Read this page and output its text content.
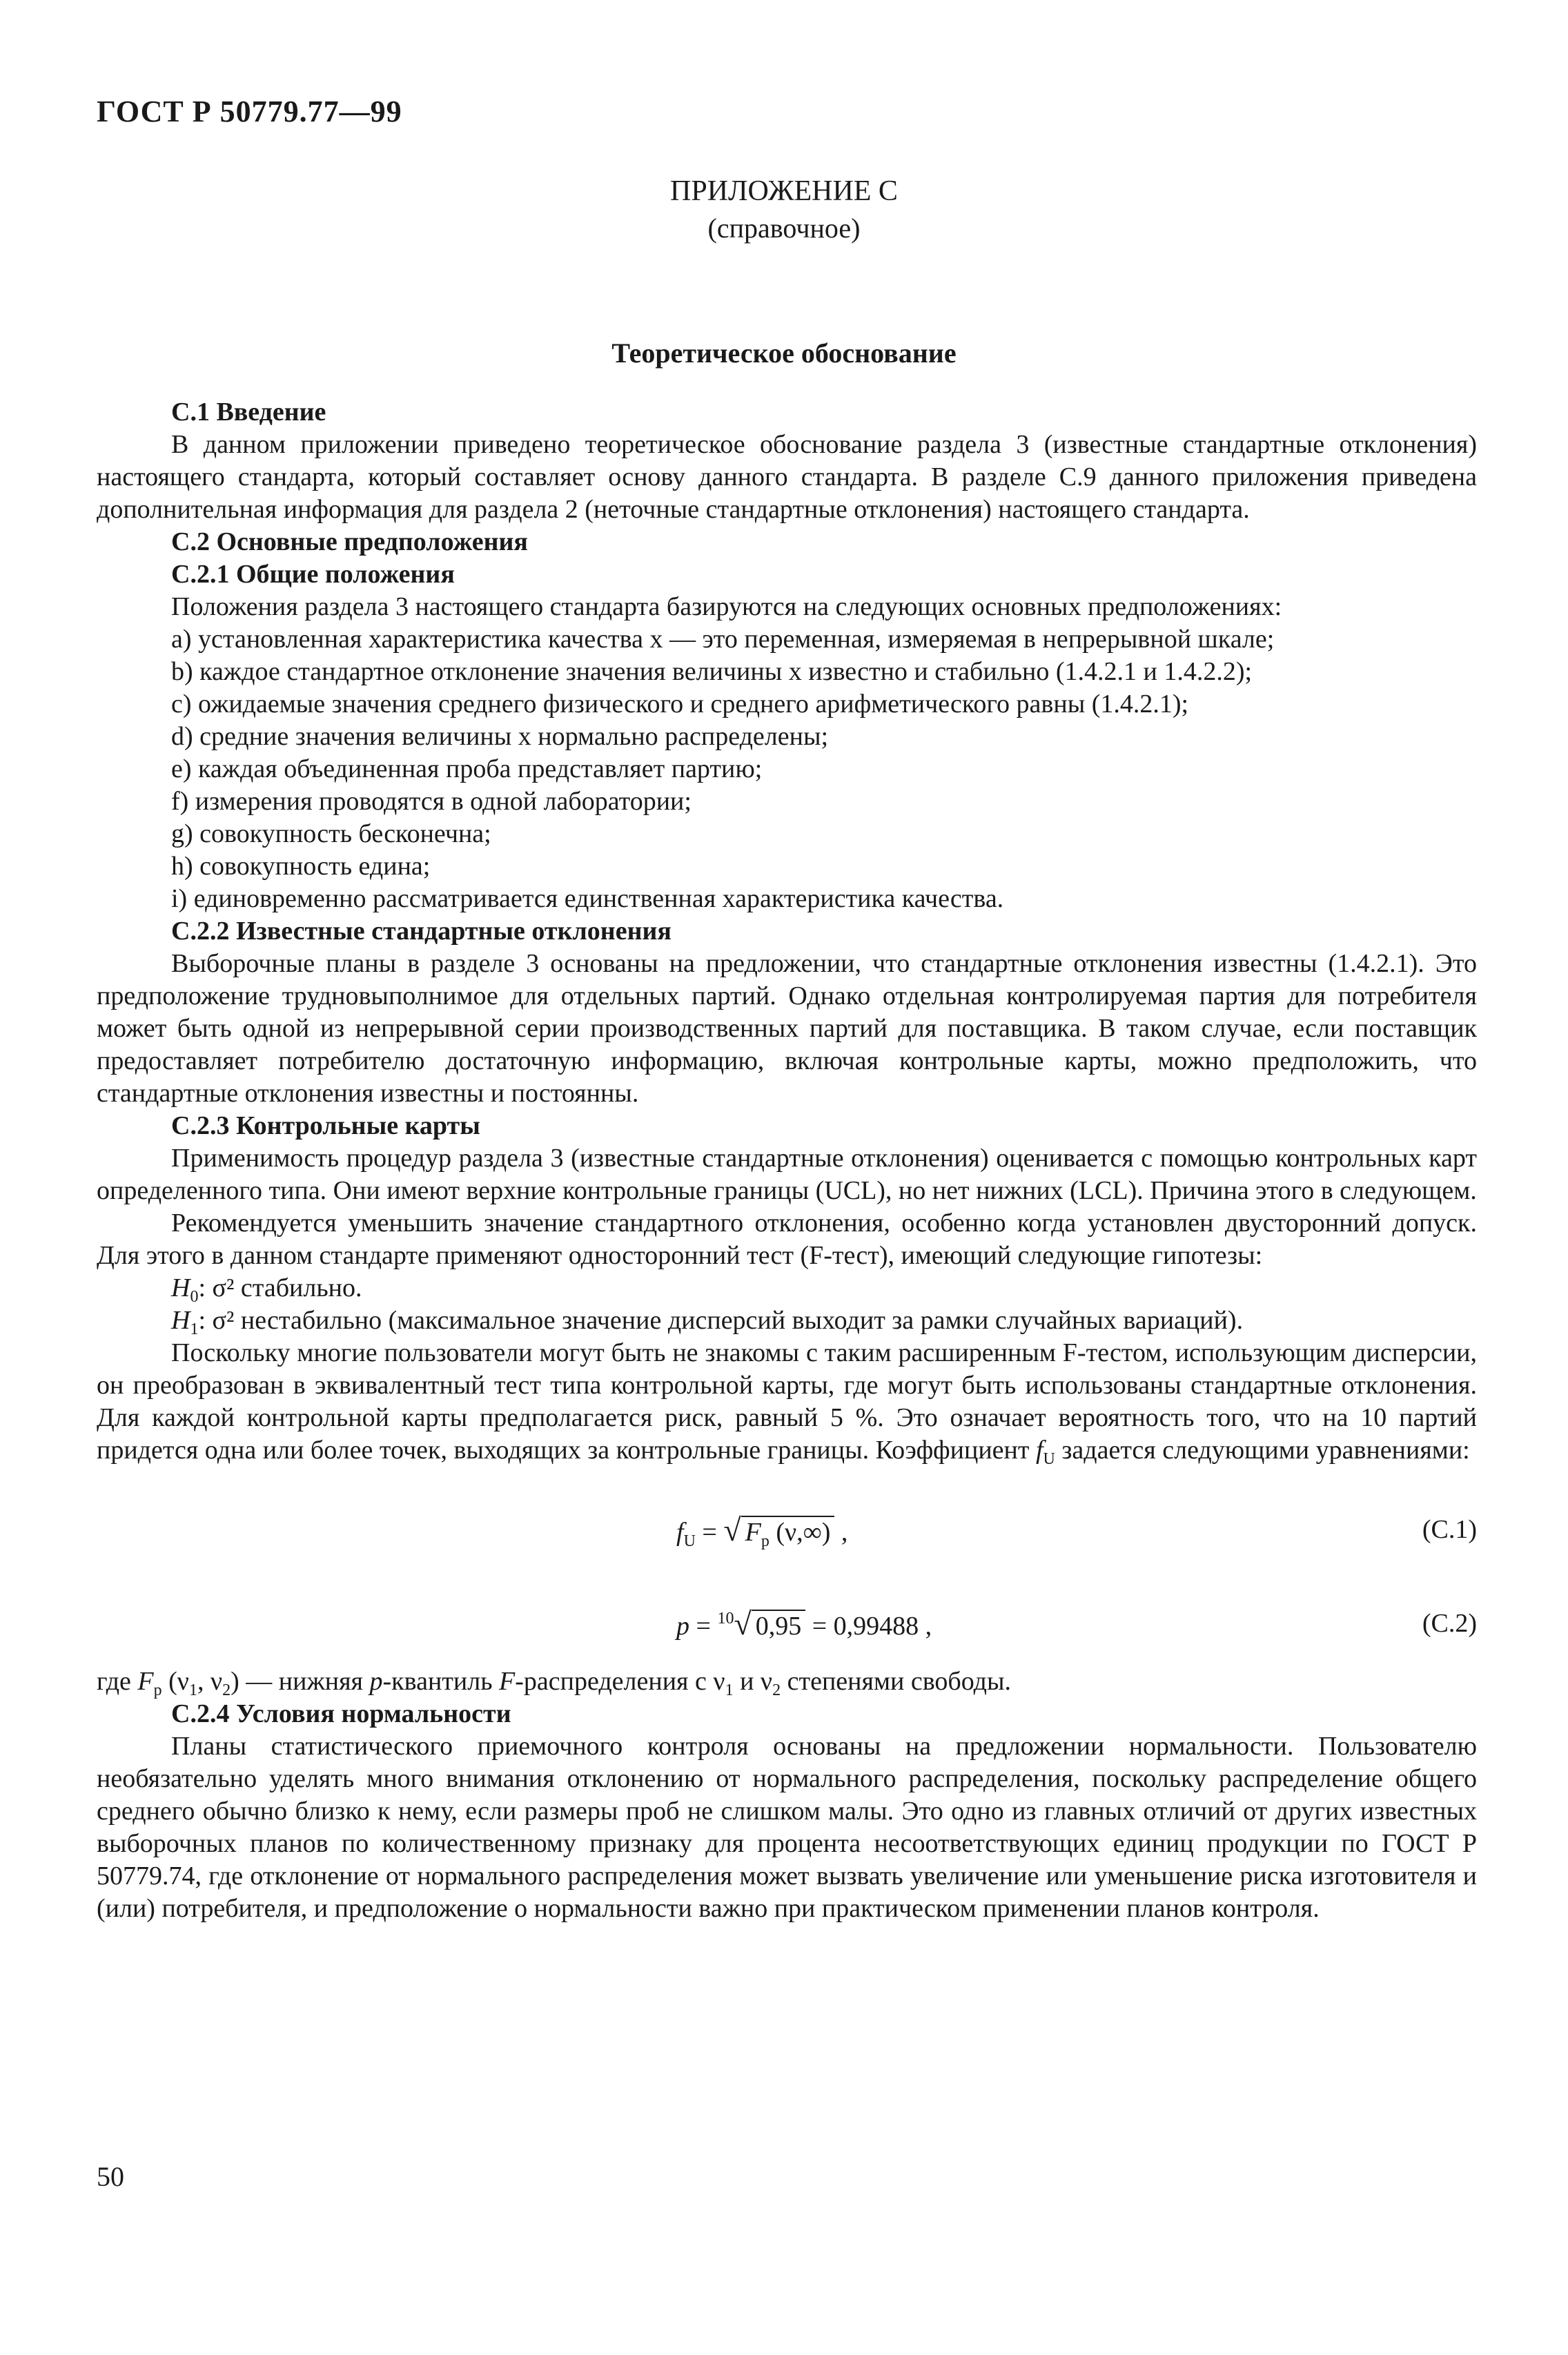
ГОСТ Р 50779.77—99
ПРИЛОЖЕНИЕ С
(справочное)
Теоретическое обоснование

С.1 Введение

В данном приложении приведено теоретическое обоснование раздела 3 (известные стандартные отклонения) настоящего стандарта, который составляет основу данного стандарта. В разделе С.9 данного приложения приведена дополнительная информация для раздела 2 (неточные стандартные отклонения) настоящего стандарта.

С.2 Основные предположения

С.2.1 Общие положения

Положения раздела 3 настоящего стандарта базируются на следующих основных предположениях:

а) установленная характеристика качества x — это переменная, измеряемая в непрерывной шкале;

b) каждое стандартное отклонение значения величины x известно и стабильно (1.4.2.1 и 1.4.2.2);

c) ожидаемые значения среднего физического и среднего арифметического равны (1.4.2.1);

d) средние значения величины x нормально распределены;

e) каждая объединенная проба представляет партию;

f) измерения проводятся в одной лаборатории;

g) совокупность бесконечна;

h) совокупность едина;

i) единовременно рассматривается единственная характеристика качества.

С.2.2 Известные стандартные отклонения

Выборочные планы в разделе 3 основаны на предложении, что стандартные отклонения известны (1.4.2.1). Это предположение трудновыполнимое для отдельных партий. Однако отдельная контролируемая партия для потребителя может быть одной из непрерывной серии производственных партий для поставщика. В таком случае, если поставщик предоставляет потребителю достаточную информацию, включая контрольные карты, можно предположить, что стандартные отклонения известны и постоянны.

С.2.3 Контрольные карты

Применимость процедур раздела 3 (известные стандартные отклонения) оценивается с помощью контрольных карт определенного типа. Они имеют верхние контрольные границы (UCL), но нет нижних (LCL). Причина этого в следующем.

Рекомендуется уменьшить значение стандартного отклонения, особенно когда установлен двусторонний допуск. Для этого в данном стандарте применяют односторонний тест (F-тест), имеющий следующие гипотезы:

$H_0$: σ² стабильно.

$H_1$: σ² нестабильно (максимальное значение дисперсий выходит за рамки случайных вариаций).

Поскольку многие пользователи могут быть не знакомы с таким расширенным F-тестом, использующим дисперсии, он преобразован в эквивалентный тест типа контрольной карты, где могут быть использованы стандартные отклонения. Для каждой контрольной карты предполагается риск, равный 5 %. Это означает вероятность того, что на 10 партий придется одна или более точек, выходящих за контрольные границы. Коэффициент $f_U$ задается следующими уравнениями:

$f_U$ = √ $F_p$ (ν,∞) ,	(С.1)
p = $^{10}$√ 0,95 = 0,99488 ,	(С.2)

где $F_p$ ($\nu_1$, $\nu_2$) — нижняя p-квантиль F-распределения с $\nu_1$ и $\nu_2$ степенями свободы.

С.2.4 Условия нормальности

Планы статистического приемочного контроля основаны на предложении нормальности. Пользователю необязательно уделять много внимания отклонению от нормального распределения, поскольку распределение общего среднего обычно близко к нему, если размеры проб не слишком малы. Это одно из главных отличий от других известных выборочных планов по количественному признаку для процента несоответствующих единиц продукции по ГОСТ Р 50779.74, где отклонение от нормального распределения может вызвать увеличение или уменьшение риска изготовителя и (или) потребителя, и предположение о нормальности важно при практическом применении планов контроля.

50
